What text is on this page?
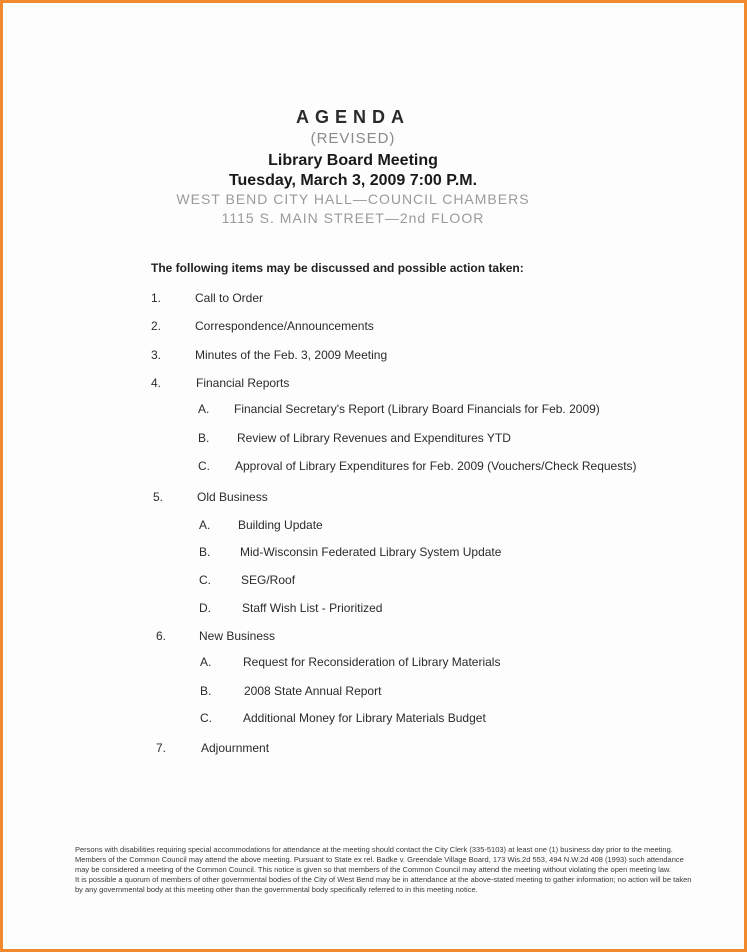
AGENDA
(REVISED)
Library Board Meeting
Tuesday, March 3, 2009 7:00 P.M.
WEST BEND CITY HALL—COUNCIL CHAMBERS
1115 S. MAIN STREET—2nd FLOOR
The following items may be discussed and possible action taken:
1.	Call to Order
2.	Correspondence/Announcements
3.	Minutes of the Feb. 3, 2009 Meeting
4.	Financial Reports
A. Financial Secretary's Report (Library Board Financials for Feb. 2009)
B. Review of Library Revenues and Expenditures YTD
C. Approval of Library Expenditures for Feb. 2009 (Vouchers/Check Requests)
5.	Old Business
A. Building Update
B. Mid-Wisconsin Federated Library System Update
C.	SEG/Roof
D.	Staff Wish List - Prioritized
6.	New Business
A.	Request for Reconsideration of Library Materials
B.	2008 State Annual Report
C.	Additional Money for Library Materials Budget
7.	Adjournment

Persons with disabilities requiring special accommodations for attendance at the meeting should contact the City Clerk (335-5103) at least one (1) business day prior to the meeting. Members of the Common Council may attend the above meeting. Pursuant to State ex rel. Badke v. Greendale Village Board, 173 Wis.2d 553, 494 N.W.2d 408 (1993) such attendance may be considered a meeting of the Common Council. This notice is given so that members of the Common Council may attend the meeting without violating the open meeting law.

It is possible a quorum of members of other governmental bodies of the City of West Bend may be in attendance at the above-stated meeting to gather information; no action will be taken by any governmental body at this meeting other than the governmental body specifically referred to in this meeting notice.
